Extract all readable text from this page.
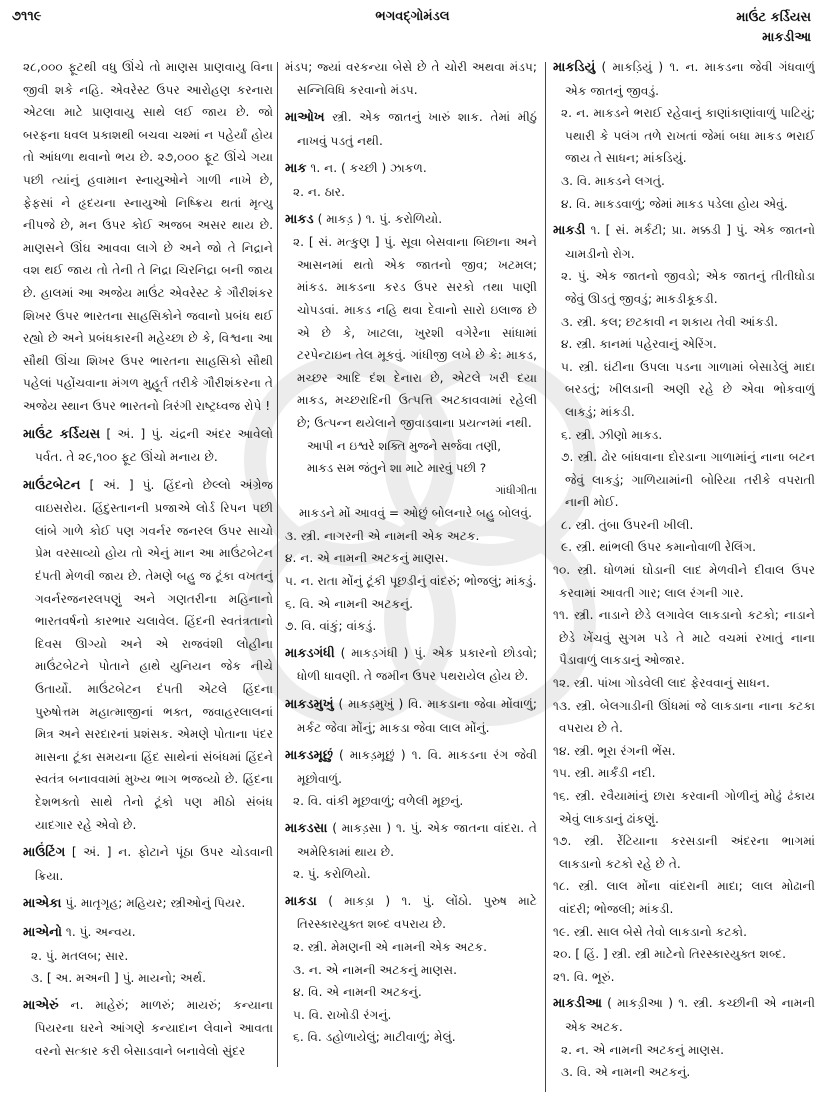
૭૧૧૯	ભગવદ્ગોમંડલ	માઉંટ કર્ડિયસ
માકડીઆ

૨૮,૦૦૦ ફૂટથી વધુ ઊંચે તો માણસ પ્રાણવાયુ વિના જીવી શકે નહિ. એવરેસ્ટ ઉપર આરોહણ કરનારા એટલા માટે પ્રાણવાયુ સાથે લઈ જાય છે. જો બરફના ધવલ પ્રકાશથી બચવા ચશ્માં ન પહેર્યાં હોય તો આંધળા થવાનો ભય છે. ૨૭,૦૦૦ ફૂટ ઊંચે ગયા પછી ત્યાંનું હવામાન સ્નાયુઓને ગાળી નાખે છે, ફેફસાં ને હૃદયના સ્નાયુઓ નિષ્ક્રિય થતાં મૃત્યુ નીપજે છે, મન ઉપર કોઈ અજબ અસર થાય છે. માણસને ઊંઘ આવવા લાગે છે અને જો તે નિદ્રાને વશ થઈ જાય તો તેની તે નિદ્રા ચિરનિદ્રા બની જાય છે. હાલમાં આ અજેય માઉંટ એવરેસ્ટ કે ગૌરીશંકર શિખર ઉપર ભારતના સાહસિકોને જવાનો પ્રબંધ થઈ રહ્યો છે અને પ્રબંધકારની મહેચ્છા છે કે, વિશ્વના આ સૌથી ઊંચા શિખર ઉપર ભારતના સાહસિકો સૌથી પહેલાં પહોંચવાના મંગળ મુહૂર્ત તરીકે ગૌરીશંકરના તે અજેય સ્થાન ઉપર ભારતનો ત્રિરંગી રાષ્ટ્રધ્વજ રોપે !

માઉંટ કર્ડિયસ [ અં. ] પું. ચંદ્રની અંદર આવેલો પર્વત. તે ૨૯,૧૦૦ ફૂટ ઊંચો મનાય છે.

માઉંટબેટન [ અં. ] પું. હિંદનો છેલ્લો અંગ્રેજ વાઇસરોય. હિંદુસ્તાનની પ્રજાએ લોર્ડ રિપન પછી લાંબે ગાળે કોઈ પણ ગવર્નર જનરલ ઉપર સાચો પ્રેમ વરસાવ્યો હોય તો એનું માન આ માઉંટબેટન દંપતી મેળવી જાય છે. તેમણે બહુ જ ટૂંકા વખતનું ગવર્નરજનરલપણું અને ગણતરીના મહિનાનો ભારતવર્ષનો કારભાર ચલાવેલ. હિંદની સ્વતંત્રતાનો દિવસ ઊગ્યો અને એ રાજવંશી લોહીના માઉંટબેટને પોતાને હાથે યુનિયન જેક નીચે ઉતાર્યો. માઉંટબેટન દંપતી એટલે હિંદના પુરુષોત્તમ મહાત્માજીનાં ભક્ત, જવાહરલાલનાં મિત્ર અને સરદારનાં પ્રશંસક. એમણે પોતાના પંદર માસના ટૂંકા સમયના હિંદ સાથેનાં સંબંધમાં હિંદને સ્વતંત્ર બનાવવામાં મુખ્ય ભાગ ભજવ્યો છે. હિંદના દેશભક્તો સાથે તેનો ટૂંકો પણ મીઠો સંબંધ યાદગાર રહે એવો છે.

માઉંટિંગ [ અં. ] ન. ફોટાને પૂંઠા ઉપર ચોડવાની ક્રિયા.

માએકા પું. માતૃગૃહ; મહિયર; સ્ત્રીઓનું પિયર.

માએનો ૧. પું. અન્વય.

૨. પું. મતલબ; સાર.

૩. [ અ. મઅની ] પું. માયનો; અર્થ.

માએરું ન. માહેરું; માળરું; માયરું; કન્યાના પિયરના ઘરને આંગણે કન્યાદાન લેવાને આવતા વરનો સત્કાર કરી બેસાડવાને બનાવેલો સુંદર

મંડપ; જ્યાં વરકન્યા બેસે છે તે ચોરી અથવા મંડપ; સન્નિવિધિ કરવાનો મંડપ.

માઓખ સ્ત્રી. એક જાતનું ખારું શાક. તેમાં મીઠું નાખવું પડતું નથી.

માક ૧. ન. ( કચ્છી ) ઝાકળ.

૨. ન. ઠાર.

માકડ ( માકડ઼ ) ૧. પું. કરોળિયો.

૨. [ સં. મત્કુણ ] પું. સૂવા બેસવાના બિછાના અને આસનમાં થતો એક જાતનો જીવ; ખટમલ; માંકડ. માકડના કરડ ઉપર સરકો તથા પાણી ચોપડવાં. માકડ નહિ થવા દેવાનો સારો ઇલાજ છે એ છે કે, ખાટલા, ખુરશી વગેરેના સાંધામાં ટરપેન્ટાઇન તેલ મૂકવું. ગાંધીજી લખે છે કે: માકડ, મચ્છર આદિ દંશ દેનારા છે, એટલે ખરી દયા માકડ, મચ્છરાદિની ઉત્પત્તિ અટકાવવામાં રહેલી છે; ઉત્પન્ન થયેલાને જીવાડવાના પ્રયત્નમાં નથી.

આપી ન ઇશ્વરે શક્તિ મુજને સર્જવા તણી,

માકડ સમ જંતુને શા માટે મારવું પછી ?

ગાંધીગીતા

માકડને મોં આવવું = ઓછું બોલનારે બહુ બોલવું.

૩. સ્ત્રી. નાગરની એ નામની એક અટક.

૪. ન. એ નામની અટકનું માણસ.

૫. ન. રાતા મોંનું ટૂંકી પૂછડીનું વાંદરું; ભોજલું; માંકડું.

૬. વિ. એ નામની અટકનું.

૭. વિ. વાંકું; વાંકડું.

માકડગંધી ( માકડ઼ગંધી ) પું. એક પ્રકારનો છોડવો; ધોળી ધાવણી. તે જમીન ઉપર પથરાયેલ હોય છે.

માકડમુખું ( માકડ઼મુખું ) વિ. માકડાના જેવા મોંવાળું; મર્કટ જેવા મોંનું; માકડા જેવા લાલ મોંનું.

માકડમૂછું ( માકડ઼મૂછું ) ૧. વિ. માકડના રંગ જેવી મૂછોવાળું.

૨. વિ. વાંકી મૂછવાળું; વળેલી મૂછનું.

માકડસા ( માકડ઼સા ) ૧. પું. એક જાતના વાંદરા. તે અમેરિકામાં થાય છે.

૨. પું. કરોળિયો.

માકડા ( માકડ઼ા ) ૧. પું. લોંઠો. પુરુષ માટે તિરસ્કારયુક્ત શબ્દ વપરાય છે.

૨. સ્ત્રી. મેમણની એ નામની એક અટક.

૩. ન. એ નામની અટકનું માણસ.

૪. વિ. એ નામની અટકનું.

૫. વિ. રાખોડી રંગનું.

૬. વિ. ડહોળાયેલું; માટીવાળું; મેલું.

માકડિયું ( માકડ઼િયું ) ૧. ન. માકડના જેવી ગંધવાળું એક જાતનું જીવડું.

૨. ન. માકડને ભરાઈ રહેવાનું કાણાંકાણાંવાળું પાટિયું; પથારી કે પલંગ તળે રાખતાં જેમાં બધા માકડ ભરાઈ જાય તે સાધન; માંકડિયું.

૩. વિ. માકડને લગતું.

૪. વિ. માકડવાળું; જેમાં માકડ પડેલા હોય એવું.

માકડી ૧. [ સં. મર્કટી; પ્રા. મક્કડી ] પું. એક જાતનો ચામડીનો રોગ.

૨. પું. એક જાતનો જીવડો; એક જાતનું તીતીઘોડા જેવું ઊડતું જીવડું; માકડીકૂકડી.

૩. સ્ત્રી. કલ; છટકાવી ન શકાય તેવી આંકડી.

૪. સ્ત્રી. કાનમાં પહેરવાનું એરિંગ.

૫. સ્ત્રી. ઘંટીના ઉપલા પડના ગાળામાં બેસાડેલું માદા બરડતું; ખીલડાની અણી રહે છે એવા ભોકવાળું લાકડું; માંકડી.

૬. સ્ત્રી. ઝીણો માકડ.

૭. સ્ત્રી. ઢોર બાંધવાના દોરડાના ગાળામાંનું નાના બટન જેવું લાકડું; ગાળિયામાંની બોરિયા તરીકે વપરાતી નાની મોઈ.

૮. સ્ત્રી. તુંબા ઉપરની ખીલી.

૯. સ્ત્રી. થાંભલી ઉપર કમાનોવાળી રેલિંગ.

૧૦. સ્ત્રી. ધોળમાં ઘોડાની લાદ મેળવીને દીવાલ ઉપર કરવામાં આવતી ગાર; લાલ રંગની ગાર.

૧૧. સ્ત્રી. નાડાને છેડે લગાવેલ લાકડાનો કટકો; નાડાને છેડે ખેંચવું સુગમ પડે તે માટે વચમાં રખાતું નાના પૈડાવાળું લાકડાનું ઓજાર.

૧૨. સ્ત્રી. પાંખા ગોડવેલી લાદ ફેરવવાનું સાધન.

૧૩. સ્ત્રી. બેલગાડીની ઊંધમાં જે લાકડાના નાના કટકા વપરાય છે તે.

૧૪. સ્ત્રી. ભૂરા રંગની ભેંસ.

૧૫. સ્ત્રી. માર્કંડી નદી.

૧૬. સ્ત્રી. રવૈયામાંનું છારા કરવાની ગોળીનું મોઢું ઢંકાય એવું લાકડાનું ઢાંકણું.

૧૭. સ્ત્રી. રેંટિયાના કરસડાની અંદરના ભાગમાં લાકડાનો કટકો રહે છે તે.

૧૮. સ્ત્રી. લાલ મોંના વાંદરાની માદા; લાલ મોઢાની વાંદરી; ભોજલી; માંકડી.

૧૯. સ્ત્રી. સાલ બેસે તેવો લાકડાનો કટકો.

૨૦. [ હિં. ] સ્ત્રી. સ્ત્રી માટેનો તિરસ્કારયુક્ત શબ્દ.

૨૧. વિ. ભૂરું.

માકડીઆ ( માકડ઼ીઆ ) ૧. સ્ત્રી. કચ્છીની એ નામની એક અટક.

૨. ન. એ નામની અટકનું માણસ.

૩. વિ. એ નામની અટકનું.
